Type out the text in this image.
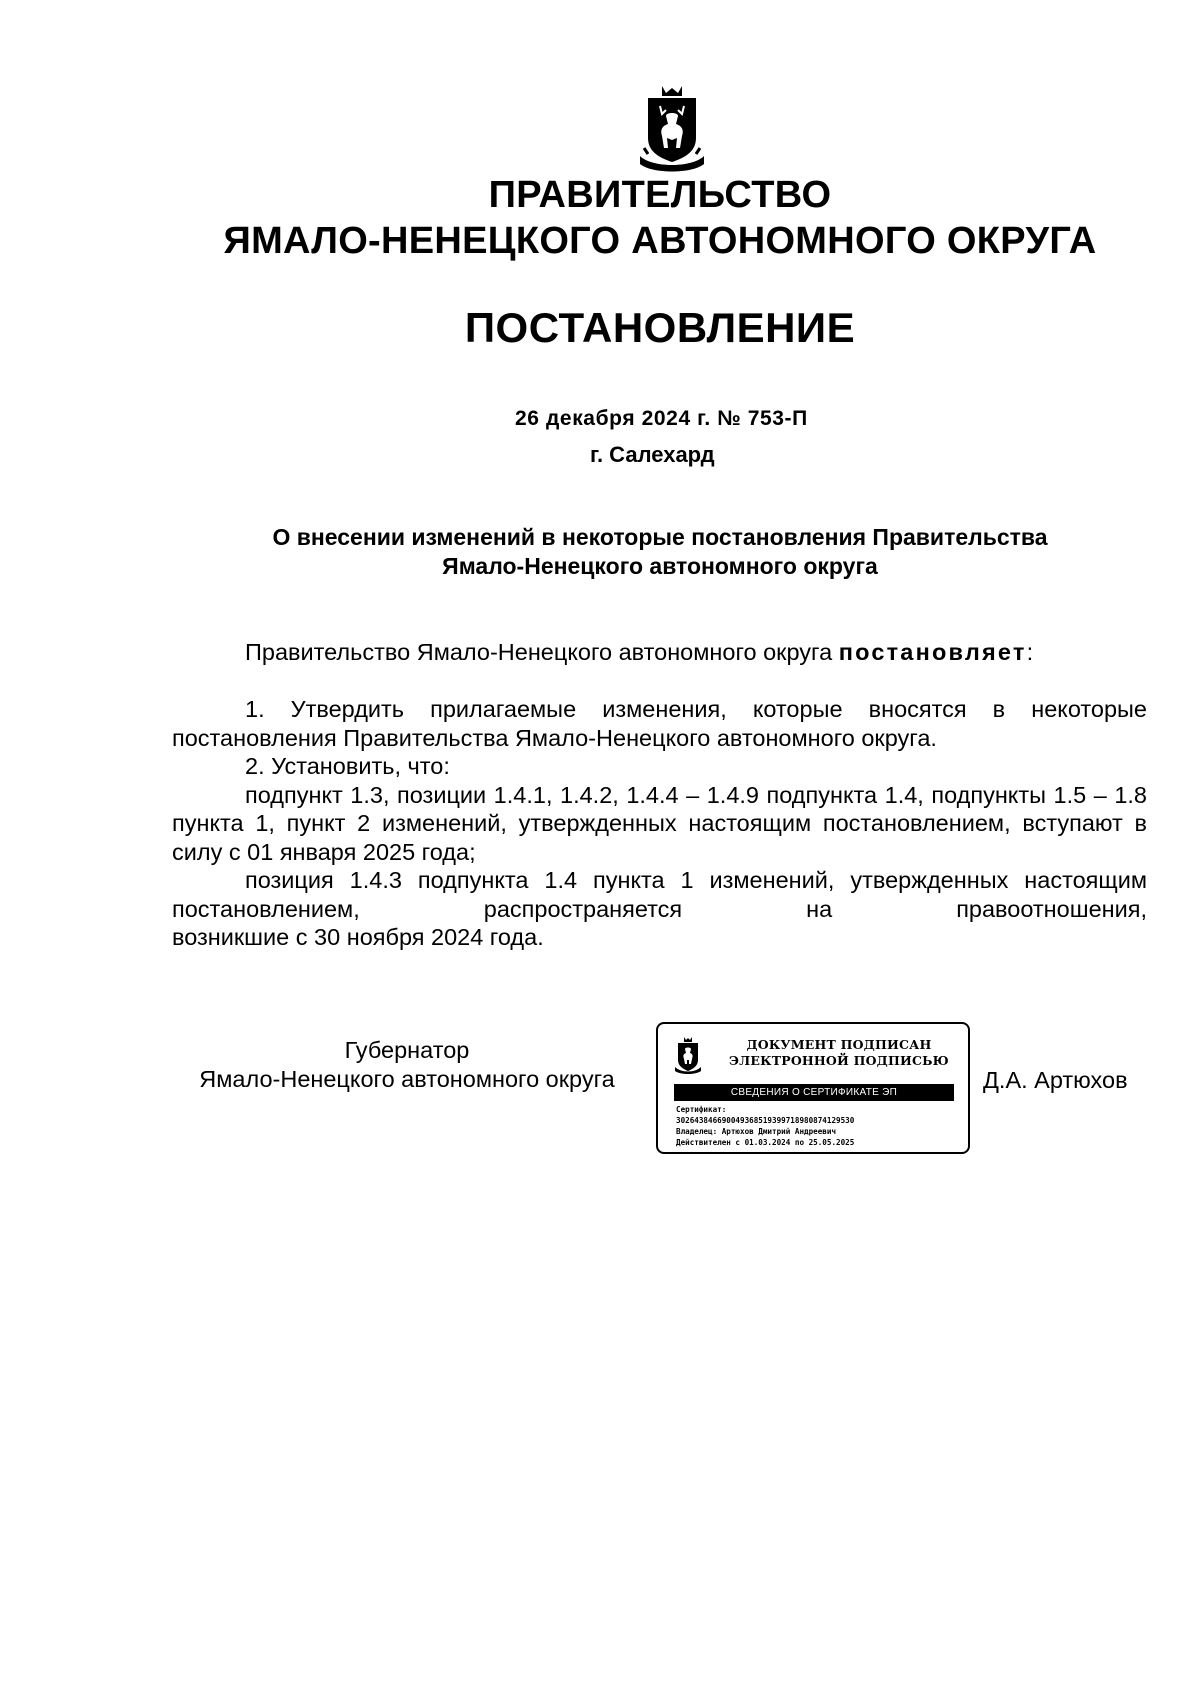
ПРАВИТЕЛЬСТВО
ЯМАЛО-НЕНЕЦКОГО АВТОНОМНОГО ОКРУГА
ПОСТАНОВЛЕНИЕ
26 декабря 2024 г. № 753-П
г. Салехард
О внесении изменений в некоторые постановления Правительства
Ямало-Ненецкого автономного округа

Правительство Ямало-Ненецкого автономного округа постановляет:

1. Утвердить прилагаемые изменения, которые вносятся в некоторые постановления Правительства Ямало-Ненецкого автономного округа.

2. Установить, что:

подпункт 1.3, позиции 1.4.1, 1.4.2, 1.4.4 – 1.4.9 подпункта 1.4, подпункты 1.5 – 1.8 пункта 1, пункт 2 изменений, утвержденных настоящим постановлением, вступают в силу с 01 января 2025 года;

позиция 1.4.3 подпункта 1.4 пункта 1 изменений, утвержденных настоящим постановлением, распространяется на правоотношения,

возникшие с 30 ноября 2024 года.

Губернатор
Ямало-Ненецкого автономного округа
ДОКУМЕНТ ПОДПИСАН
ЭЛЕКТРОННОЙ ПОДПИСЬЮ
СВЕДЕНИЯ О СЕРТИФИКАТЕ ЭП
Сертификат:
302643846690049368519399718980874129530
Владелец: Артюхов Дмитрий Андреевич
Действителен с 01.03.2024 по 25.05.2025
Д.А. Артюхов
